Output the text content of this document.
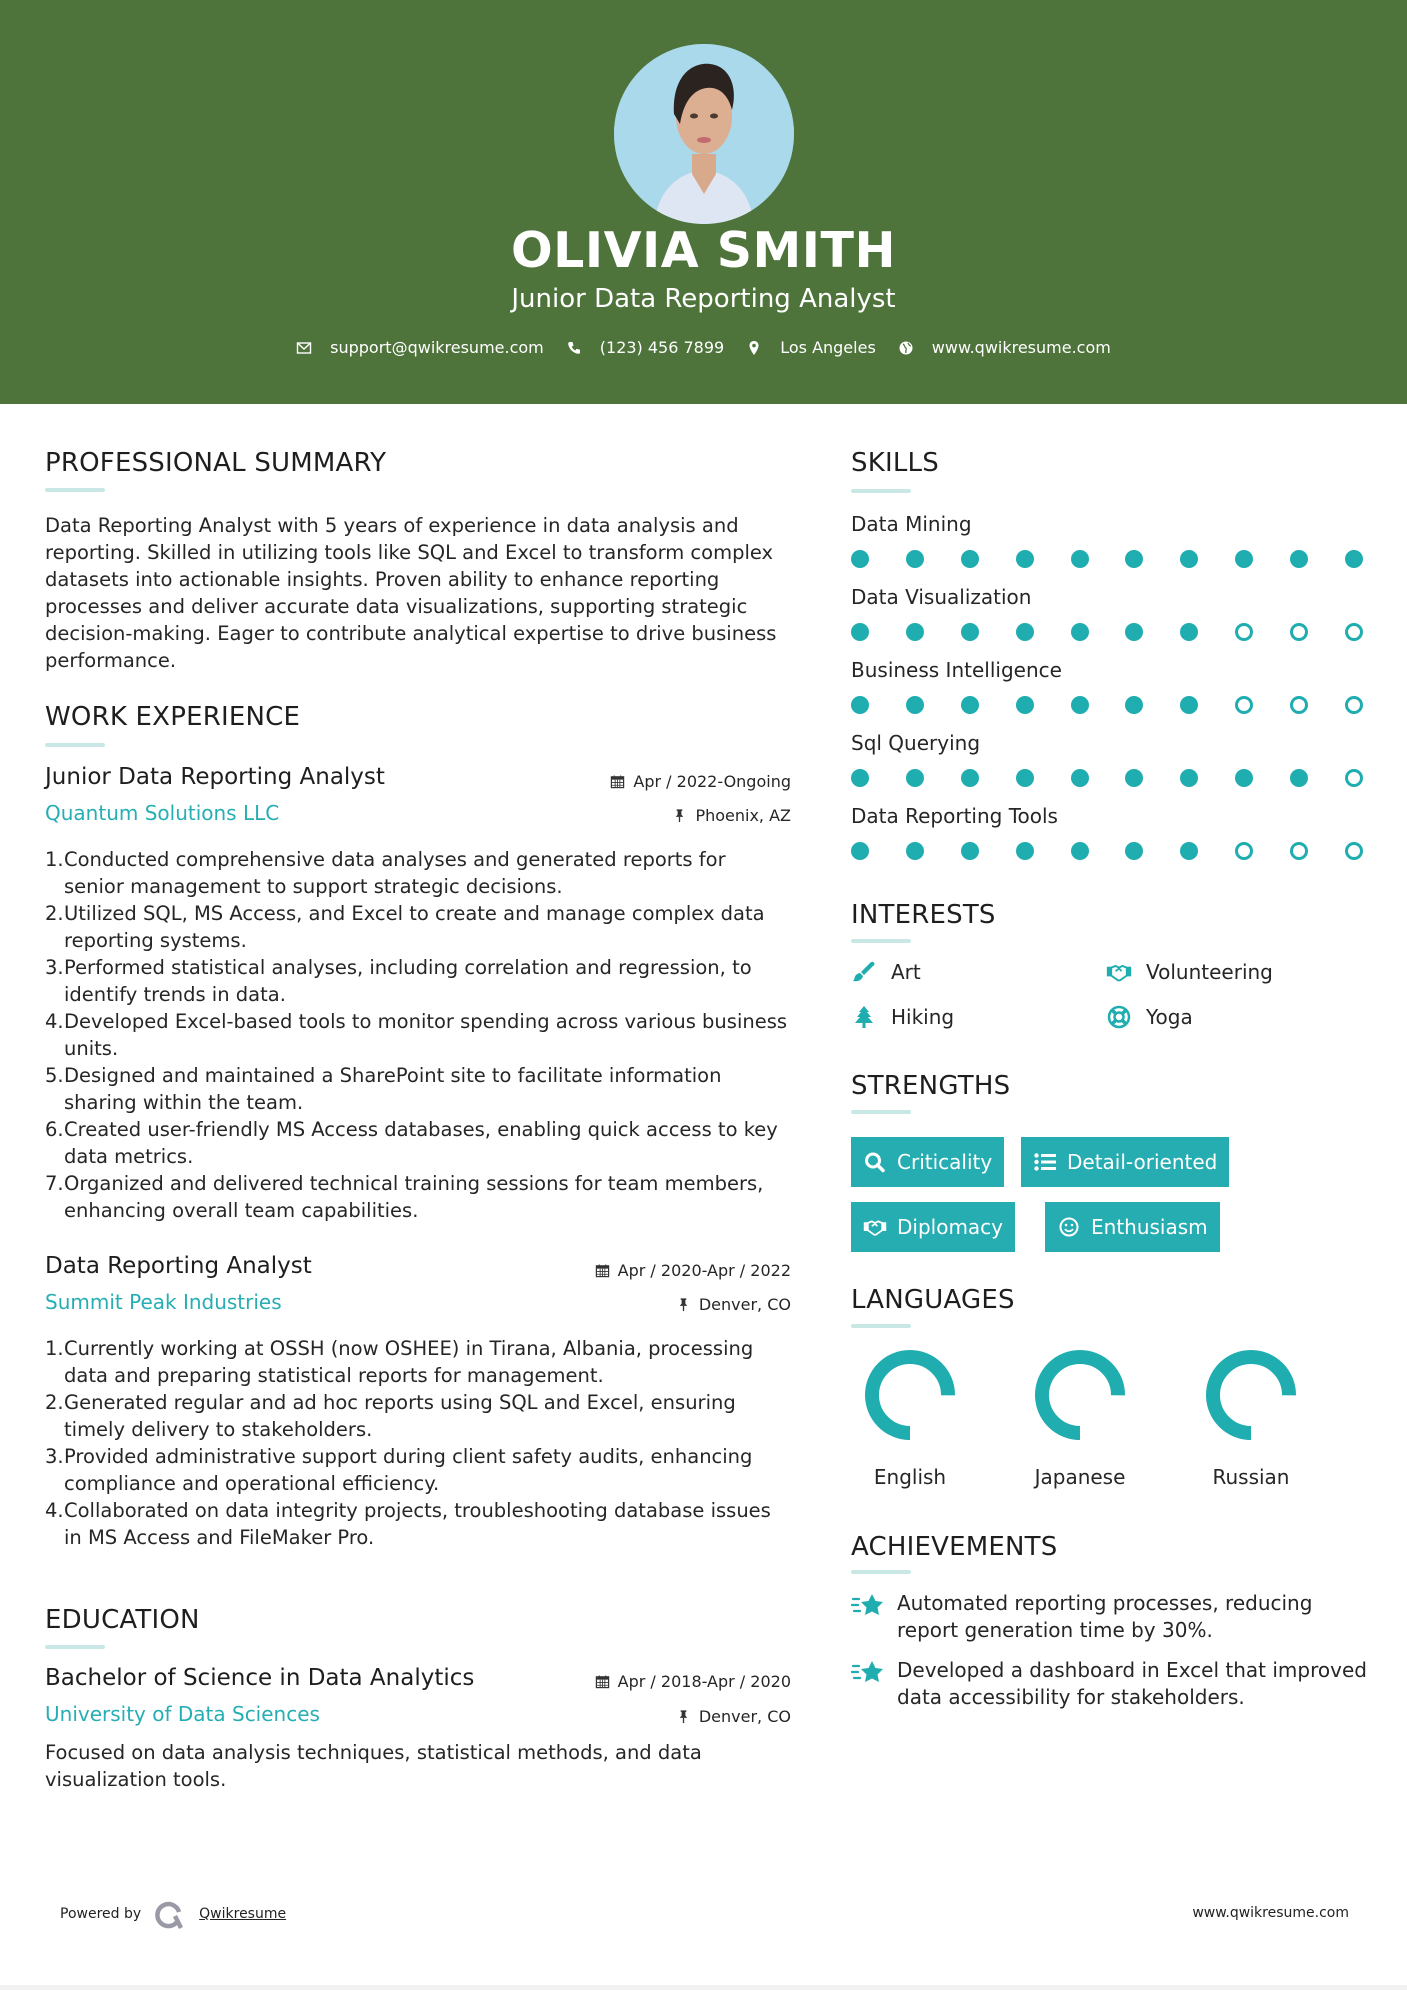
OLIVIA SMITH
Junior Data Reporting Analyst
support@qwikresume.com	(123) 456 7899	Los Angeles	www.qwikresume.com
PROFESSIONAL SUMMARY
Data Reporting Analyst with 5 years of experience in data analysis and reporting. Skilled in utilizing tools like SQL and Excel to transform complex datasets into actionable insights. Proven ability to enhance reporting processes and deliver accurate data visualizations, supporting strategic decision-making. Eager to contribute analytical expertise to drive business performance.
WORK EXPERIENCE
Junior Data Reporting Analyst	Apr / 2022-Ongoing
Quantum Solutions LLC	Phoenix, AZ
1. Conducted comprehensive data analyses and generated reports for senior management to support strategic decisions.
2. Utilized SQL, MS Access, and Excel to create and manage complex data reporting systems.
3. Performed statistical analyses, including correlation and regression, to identify trends in data.
4. Developed Excel-based tools to monitor spending across various business units.
5. Designed and maintained a SharePoint site to facilitate information sharing within the team.
6. Created user-friendly MS Access databases, enabling quick access to key data metrics.
7. Organized and delivered technical training sessions for team members, enhancing overall team capabilities.
Data Reporting Analyst	Apr / 2020-Apr / 2022
Summit Peak Industries	Denver, CO
1. Currently working at OSSH (now OSHEE) in Tirana, Albania, processing data and preparing statistical reports for management.
2. Generated regular and ad hoc reports using SQL and Excel, ensuring timely delivery to stakeholders.
3. Provided administrative support during client safety audits, enhancing compliance and operational efficiency.
4. Collaborated on data integrity projects, troubleshooting database issues in MS Access and FileMaker Pro.
EDUCATION
Bachelor of Science in Data Analytics	Apr / 2018-Apr / 2020
University of Data Sciences	Denver, CO
Focused on data analysis techniques, statistical methods, and data visualization tools.
SKILLS
Data Mining
Data Visualization
Business Intelligence
Sql Querying
Data Reporting Tools
INTERESTS
Art	Volunteering
Hiking	Yoga
STRENGTHS
Criticality	Detail-oriented
Diplomacy	Enthusiasm
LANGUAGES
English	Japanese	Russian
ACHIEVEMENTS
Automated reporting processes, reducing report generation time by 30%.
Developed a dashboard in Excel that improved data accessibility for stakeholders.
Powered by	Qwikresume	www.qwikresume.com
